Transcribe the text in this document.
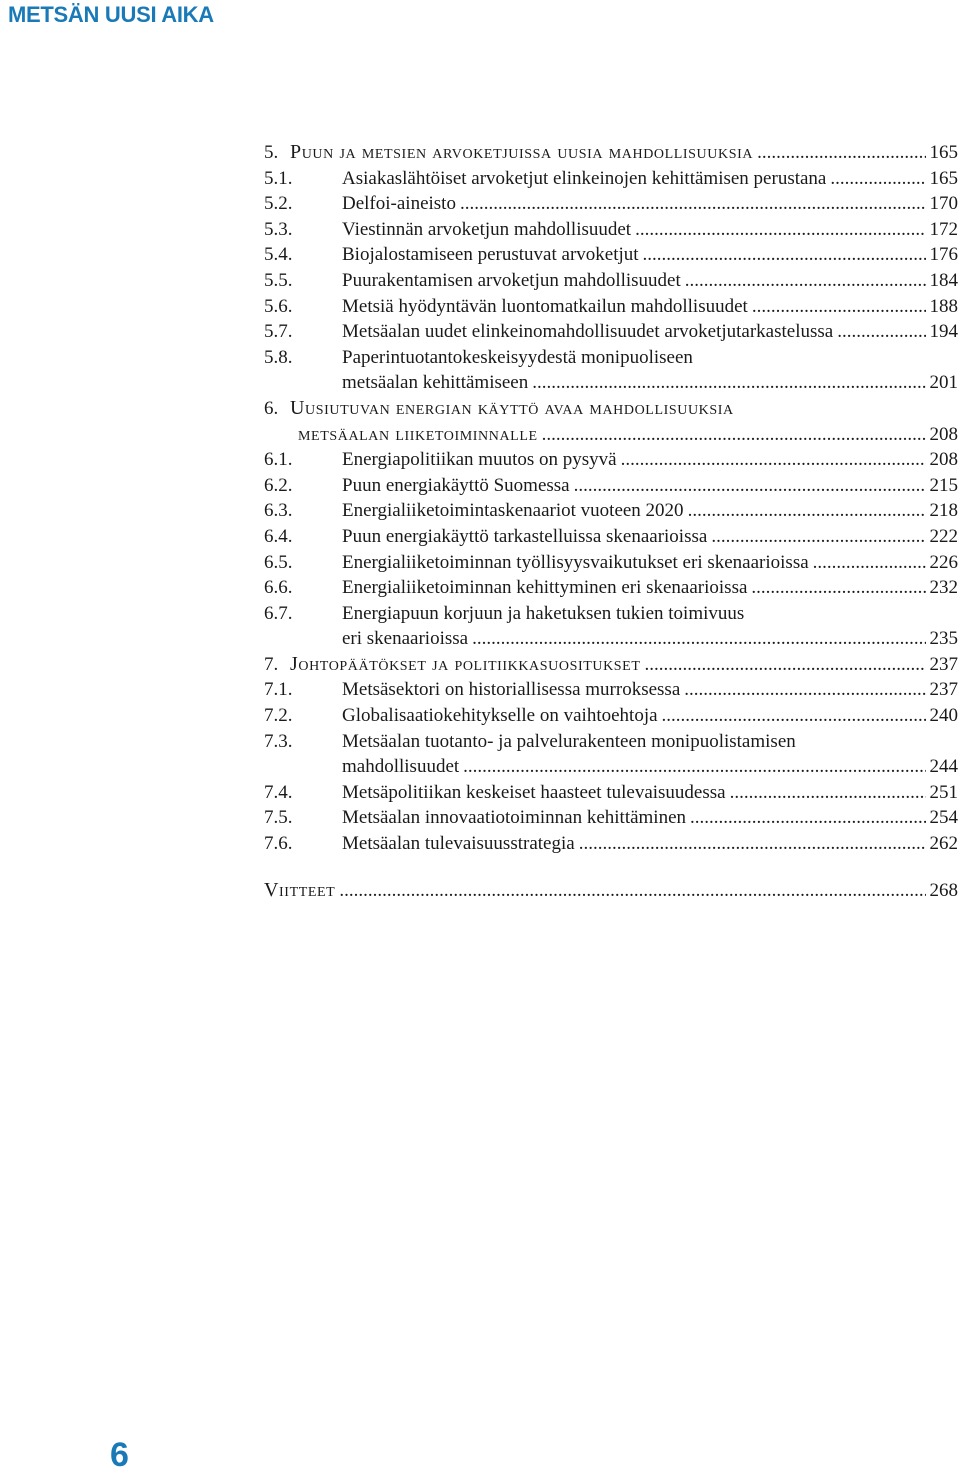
METSÄN UUSI AIKA
5. Puun ja metsien arvoketjuissa uusia mahdollisuuksia .....	165
5.1.	Asiakaslähtöiset arvoketjut elinkeinojen kehittämisen perustana .....	165
5.2.	Delfoi-aineisto .....	170
5.3.	Viestinnän arvoketjun mahdollisuudet .....	172
5.4.	Biojalostamiseen perustuvat arvoketjut .....	176
5.5.	Puurakentamisen arvoketjun mahdollisuudet .....	184
5.6.	Metsiä hyödyntävän luontomatkailun mahdollisuudet .....	188
5.7.	Metsäalan uudet elinkeinomahdollisuudet arvoketjutarkastelussa .....	194
5.8.	Paperintuotantokeskeisyydestä monipuoliseen
metsäalan kehittämiseen .....	201
6. Uusiutuvan energian käyttö avaa mahdollisuuksia
metsäalan liiketoiminnalle .....	208
6.1.	Energiapolitiikan muutos on pysyvä .....	208
6.2.	Puun energiakäyttö Suomessa .....	215
6.3.	Energialiiketoimintaskenaariot vuoteen 2020 .....	218
6.4.	Puun energiakäyttö tarkastelluissa skenaarioissa .....	222
6.5.	Energialiiketoiminnan työllisyysvaikutukset eri skenaarioissa .....	226
6.6.	Energialiiketoiminnan kehittyminen eri skenaarioissa .....	232
6.7.	Energiapuun korjuun ja haketuksen tukien toimivuus
eri skenaarioissa .....	235
7. Johtopäätökset ja politiikkasuositukset .....	237
7.1.	Metsäsektori on historiallisessa murroksessa .....	237
7.2.	Globalisaatiokehitykselle on vaihtoehtoja .....	240
7.3.	Metsäalan tuotanto- ja palvelurakenteen monipuolistamisen
mahdollisuudet .....	244
7.4.	Metsäpolitiikan keskeiset haasteet tulevaisuudessa .....	251
7.5.	Metsäalan innovaatiotoiminnan kehittäminen .....	254
7.6.	Metsäalan tulevaisuusstrategia .....	262
Viitteet .....	268
6
